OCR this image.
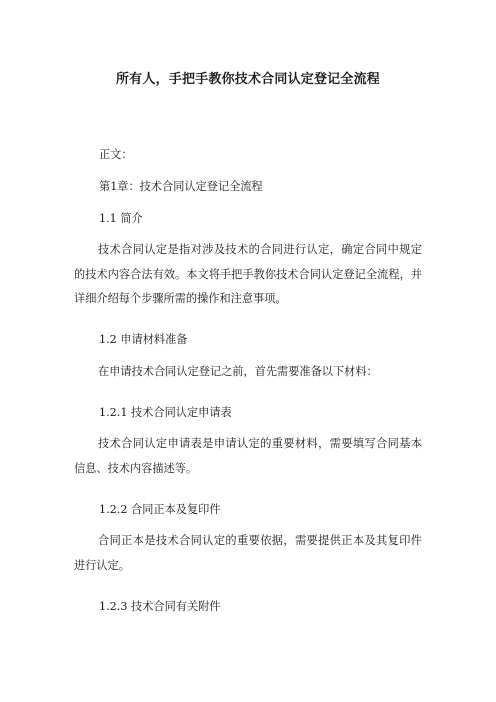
所有人，手把手教你技术合同认定登记全流程
正文：
第1章：技术合同认定登记全流程
1.1 简介
技术合同认定是指对涉及技术的合同进行认定，确定合同中规定的技术内容合法有效。本文将手把手教你技术合同认定登记全流程，并详细介绍每个步骤所需的操作和注意事项。
1.2 申请材料准备
在申请技术合同认定登记之前，首先需要准备以下材料：
1.2.1 技术合同认定申请表
技术合同认定申请表是申请认定的重要材料，需要填写合同基本信息、技术内容描述等。
1.2.2 合同正本及复印件
合同正本是技术合同认定的重要依据，需要提供正本及其复印件进行认定。
1.2.3 技术合同有关附件
